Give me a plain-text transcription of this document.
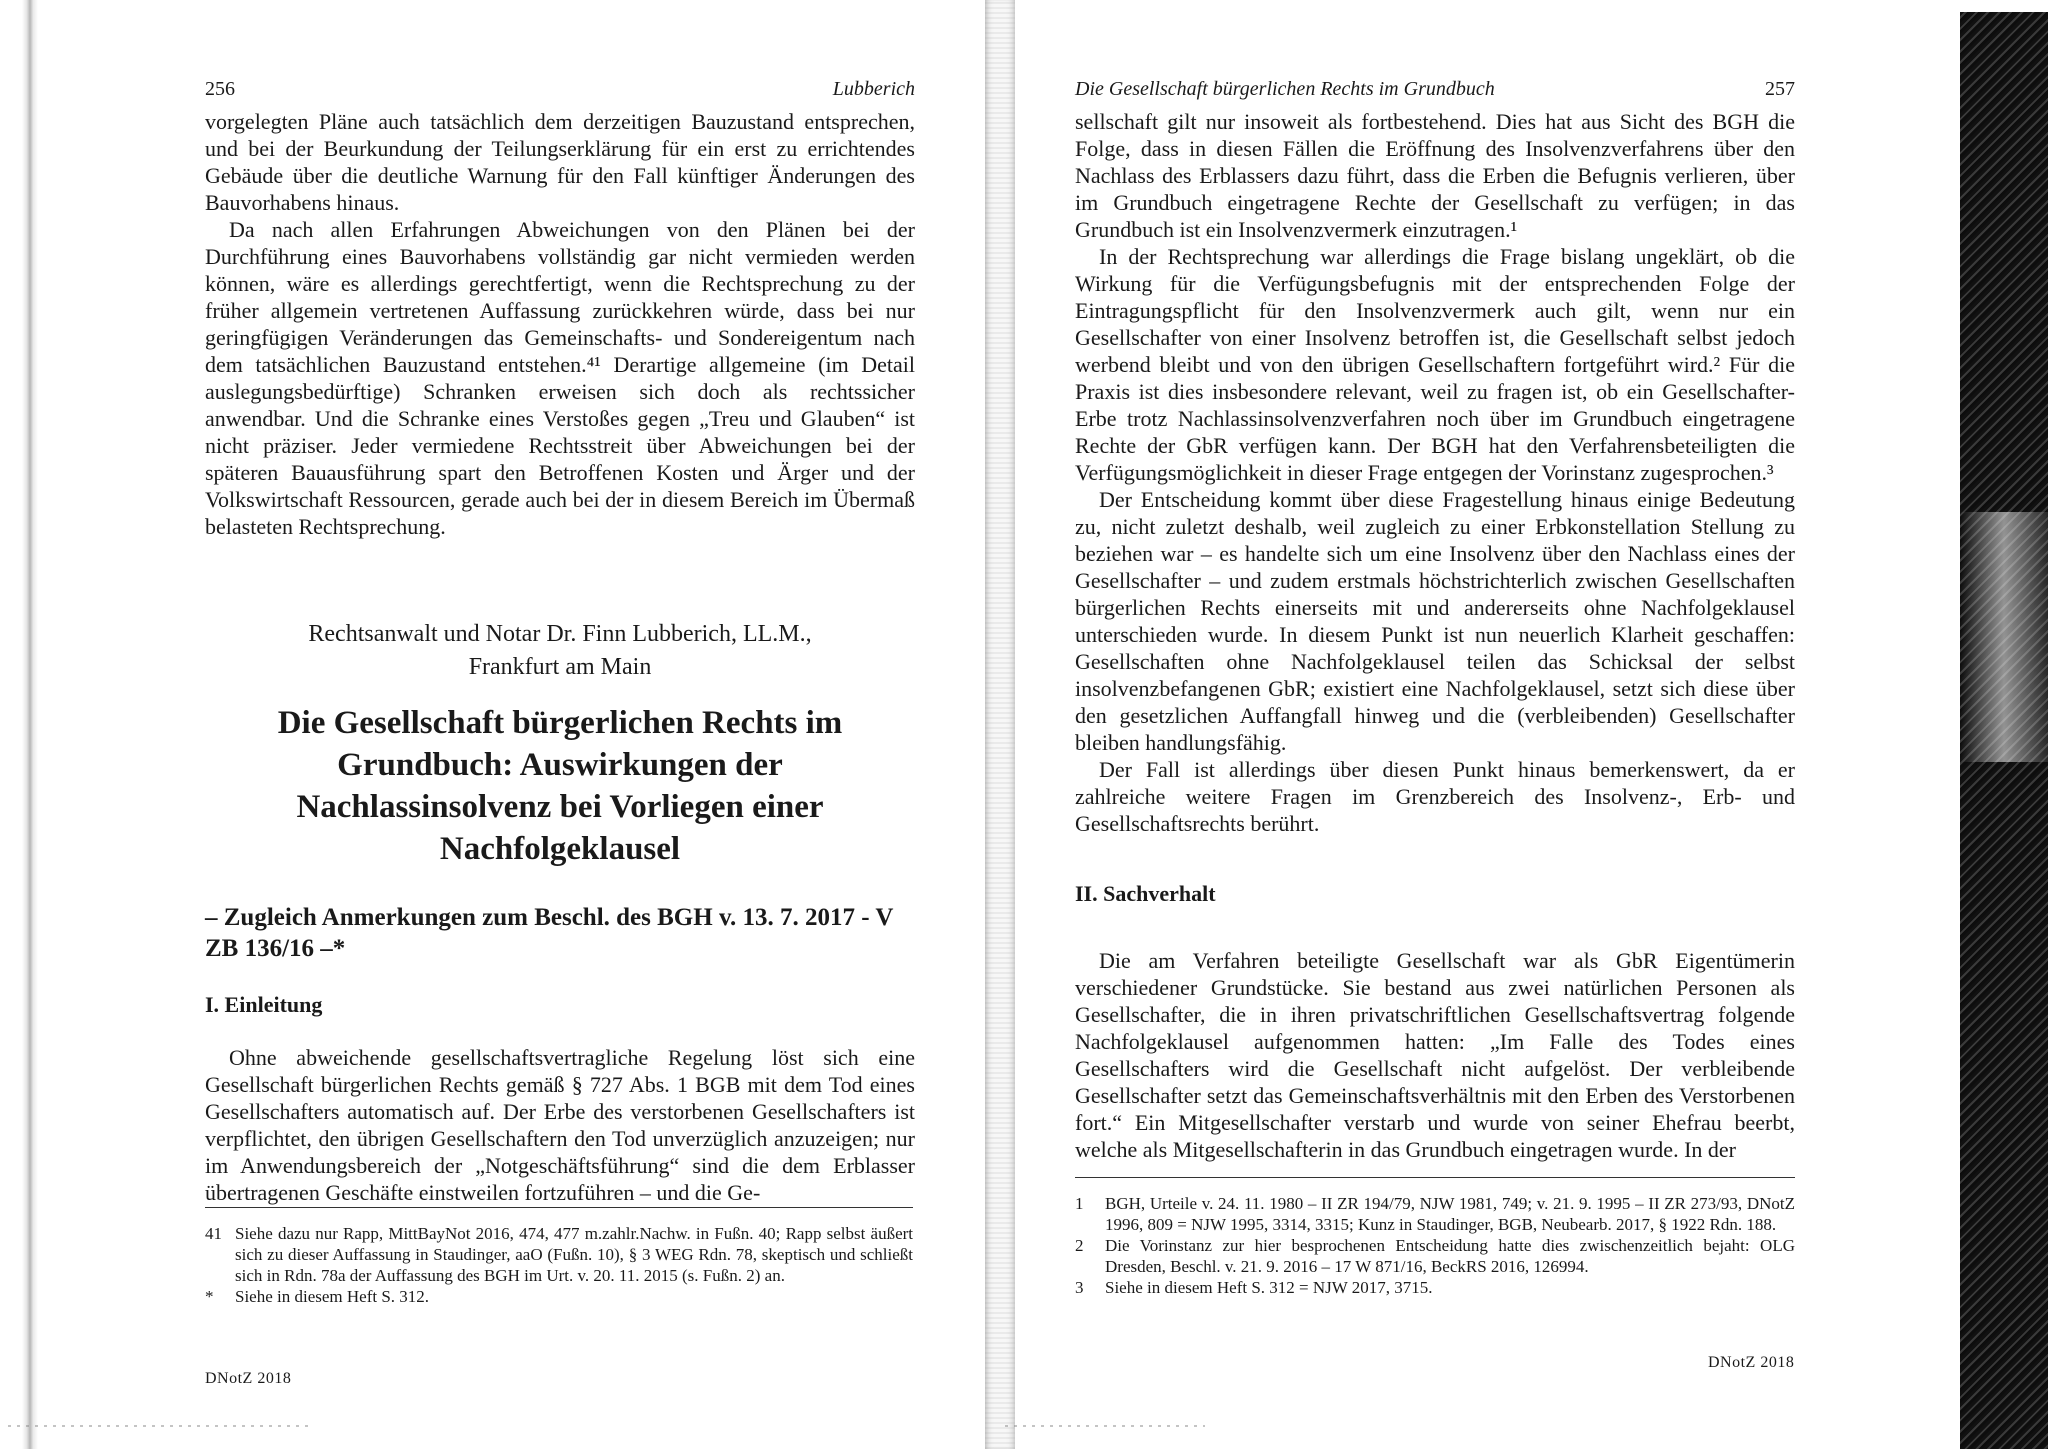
256	Lubberich

vorgelegten Pläne auch tatsächlich dem derzeitigen Bauzustand entsprechen, und bei der Beurkundung der Teilungserklärung für ein erst zu errichtendes Gebäude über die deutliche Warnung für den Fall künftiger Änderungen des Bauvorhabens hinaus.

Da nach allen Erfahrungen Abweichungen von den Plänen bei der Durchführung eines Bauvorhabens vollständig gar nicht vermieden werden können, wäre es allerdings gerechtfertigt, wenn die Rechtsprechung zu der früher allgemein vertretenen Auffassung zurückkehren würde, dass bei nur geringfügigen Veränderungen das Gemeinschafts- und Sondereigentum nach dem tatsächlichen Bauzustand entstehen.⁴¹ Derartige allgemeine (im Detail auslegungsbedürftige) Schranken erweisen sich doch als rechtssicher anwendbar. Und die Schranke eines Verstoßes gegen „Treu und Glauben“ ist nicht präziser. Jeder vermiedene Rechtsstreit über Abweichungen bei der späteren Bauausführung spart den Betroffenen Kosten und Ärger und der Volkswirtschaft Ressourcen, gerade auch bei der in diesem Bereich im Übermaß belasteten Rechtsprechung.

Rechtsanwalt und Notar Dr. Finn Lubberich, LL.M.,
Frankfurt am Main
Die Gesellschaft bürgerlichen Rechts im Grundbuch: Auswirkungen der Nachlassinsolvenz bei Vorliegen einer Nachfolgeklausel
– Zugleich Anmerkungen zum Beschl. des BGH v. 13. 7. 2017 - V ZB 136/16 –*
I. Einleitung

Ohne abweichende gesellschaftsvertragliche Regelung löst sich eine Gesellschaft bürgerlichen Rechts gemäß § 727 Abs. 1 BGB mit dem Tod eines Gesellschafters automatisch auf. Der Erbe des verstorbenen Gesellschafters ist verpflichtet, den übrigen Gesellschaftern den Tod unverzüglich anzuzeigen; nur im Anwendungsbereich der „Notgeschäftsführung“ sind die dem Erblasser übertragenen Geschäfte einstweilen fortzuführen – und die Ge-

41 Siehe dazu nur Rapp, MittBayNot 2016, 474, 477 m.zahlr.Nachw. in Fußn. 40; Rapp selbst äußert sich zu dieser Auffassung in Staudinger, aaO (Fußn. 10), § 3 WEG Rdn. 78, skeptisch und schließt sich in Rdn. 78a der Auffassung des BGH im Urt. v. 20. 11. 2015 (s. Fußn. 2) an.
*	Siehe in diesem Heft S. 312.
DNotZ 2018
Die Gesellschaft bürgerlichen Rechts im Grundbuch	257

sellschaft gilt nur insoweit als fortbestehend. Dies hat aus Sicht des BGH die Folge, dass in diesen Fällen die Eröffnung des Insolvenzverfahrens über den Nachlass des Erblassers dazu führt, dass die Erben die Befugnis verlieren, über im Grundbuch eingetragene Rechte der Gesellschaft zu verfügen; in das Grundbuch ist ein Insolvenzvermerk einzutragen.¹

In der Rechtsprechung war allerdings die Frage bislang ungeklärt, ob die Wirkung für die Verfügungsbefugnis mit der entsprechenden Folge der Eintragungspflicht für den Insolvenzvermerk auch gilt, wenn nur ein Gesellschafter von einer Insolvenz betroffen ist, die Gesellschaft selbst jedoch werbend bleibt und von den übrigen Gesellschaftern fortgeführt wird.² Für die Praxis ist dies insbesondere relevant, weil zu fragen ist, ob ein Gesellschafter-Erbe trotz Nachlassinsolvenzverfahren noch über im Grundbuch eingetragene Rechte der GbR verfügen kann. Der BGH hat den Verfahrensbeteiligten die Verfügungsmöglichkeit in dieser Frage entgegen der Vorinstanz zugesprochen.³

Der Entscheidung kommt über diese Fragestellung hinaus einige Bedeutung zu, nicht zuletzt deshalb, weil zugleich zu einer Erbkonstellation Stellung zu beziehen war – es handelte sich um eine Insolvenz über den Nachlass eines der Gesellschafter – und zudem erstmals höchstrichterlich zwischen Gesellschaften bürgerlichen Rechts einerseits mit und andererseits ohne Nachfolgeklausel unterschieden wurde. In diesem Punkt ist nun neuerlich Klarheit geschaffen: Gesellschaften ohne Nachfolgeklausel teilen das Schicksal der selbst insolvenzbefangenen GbR; existiert eine Nachfolgeklausel, setzt sich diese über den gesetzlichen Auffangfall hinweg und die (verbleibenden) Gesellschafter bleiben handlungsfähig.

Der Fall ist allerdings über diesen Punkt hinaus bemerkenswert, da er zahlreiche weitere Fragen im Grenzbereich des Insolvenz-, Erb- und Gesellschaftsrechts berührt.

II. Sachverhalt

Die am Verfahren beteiligte Gesellschaft war als GbR Eigentümerin verschiedener Grundstücke. Sie bestand aus zwei natürlichen Personen als Gesellschafter, die in ihren privatschriftlichen Gesellschaftsvertrag folgende Nachfolgeklausel aufgenommen hatten: „Im Falle des Todes eines Gesellschafters wird die Gesellschaft nicht aufgelöst. Der verbleibende Gesellschafter setzt das Gemeinschaftsverhältnis mit den Erben des Verstorbenen fort.“ Ein Mitgesellschafter verstarb und wurde von seiner Ehefrau beerbt, welche als Mitgesellschafterin in das Grundbuch eingetragen wurde. In der

1	BGH, Urteile v. 24. 11. 1980 – II ZR 194/79, NJW 1981, 749; v. 21. 9. 1995 – II ZR 273/93, DNotZ 1996, 809 = NJW 1995, 3314, 3315; Kunz in Staudinger, BGB, Neubearb. 2017, § 1922 Rdn. 188.
2	Die Vorinstanz zur hier besprochenen Entscheidung hatte dies zwischenzeitlich bejaht: OLG Dresden, Beschl. v. 21. 9. 2016 – 17 W 871/16, BeckRS 2016, 126994.
3	Siehe in diesem Heft S. 312 = NJW 2017, 3715.
DNotZ 2018
